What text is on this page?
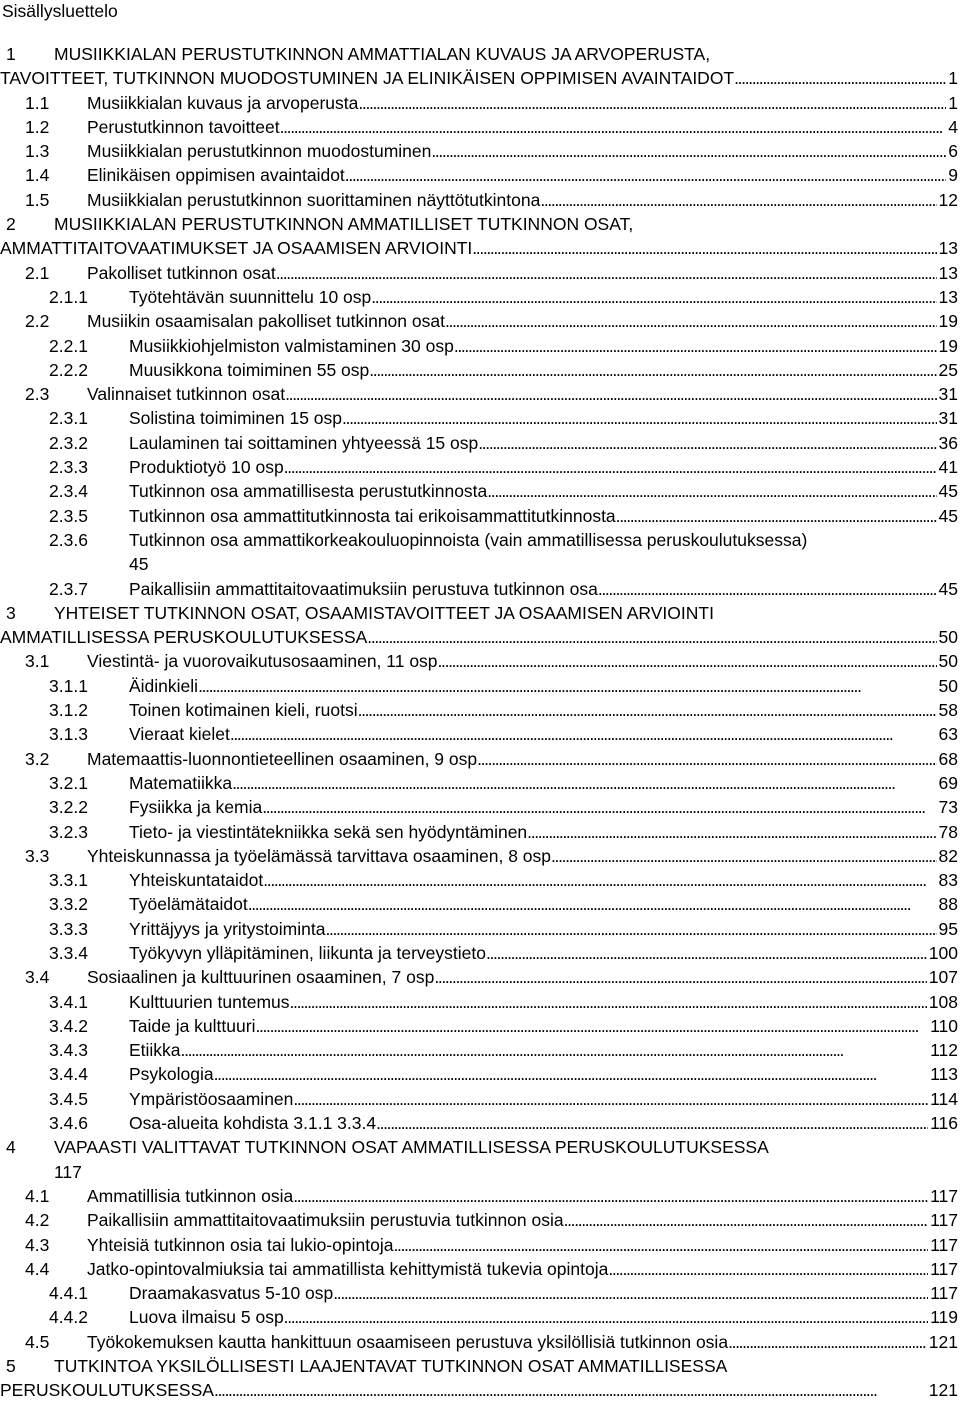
Sisällysluettelo
1	MUSIIKKIALAN PERUSTUTKINNON AMMATTIALAN KUVAUS JA ARVOPERUSTA,
TAVOITTEET, TUTKINNON MUODOSTUMINEN JA ELINIKÄISEN OPPIMISEN AVAINTAIDOT . . .	1
1.1	Musiikkialan kuvaus ja arvoperusta . . .	1
1.2	Perustutkinnon tavoitteet . . .	4
1.3	Musiikkialan perustutkinnon muodostuminen . . .	6
1.4	Elinikäisen oppimisen avaintaidot . . .	9
1.5	Musiikkialan perustutkinnon suorittaminen näyttötutkintona . . .	12
2	MUSIIKKIALAN PERUSTUTKINNON AMMATILLISET TUTKINNON OSAT,
AMMATTITAITOVAATIMUKSET JA OSAAMISEN ARVIOINTI . . .	13
2.1	Pakolliset tutkinnon osat . . .	13
2.1.1	Työtehtävän suunnittelu 10 osp . . .	13
2.2	Musiikin osaamisalan pakolliset tutkinnon osat . . .	19
2.2.1	Musiikkiohjelmiston valmistaminen 30 osp . . .	19
2.2.2	Muusikkona toimiminen 55 osp . . .	25
2.3	Valinnaiset tutkinnon osat . . .	31
2.3.1	Solistina toimiminen 15 osp . . .	31
2.3.2	Laulaminen tai soittaminen yhtyeessä 15 osp . . .	36
2.3.3	Produktiotyö 10 osp . . .	41
2.3.4	Tutkinnon osa ammatillisesta perustutkinnosta . . .	45
2.3.5	Tutkinnon osa ammattitutkinnosta tai erikoisammattitutkinnosta . . .	45
2.3.6	Tutkinnon osa ammattikorkeakouluopinnoista (vain ammatillisessa peruskoulutuksessa)
45
2.3.7	Paikallisiin ammattitaitovaatimuksiin perustuva tutkinnon osa . . .	45
3	YHTEISET TUTKINNON OSAT, OSAAMISTAVOITTEET JA OSAAMISEN ARVIOINTI
AMMATILLISESSA PERUSKOULUTUKSESSA . . .	50
3.1	Viestintä- ja vuorovaikutusosaaminen, 11 osp . . .	50
3.1.1	Äidinkieli . . .	50
3.1.2	Toinen kotimainen kieli, ruotsi . . .	58
3.1.3	Vieraat kielet . . .	63
3.2	Matemaattis-luonnontieteellinen osaaminen, 9 osp . . .	68
3.2.1	Matematiikka . . .	69
3.2.2	Fysiikka ja kemia . . .	73
3.2.3	Tieto- ja viestintätekniikka sekä sen hyödyntäminen . . .	78
3.3	Yhteiskunnassa ja työelämässä tarvittava osaaminen, 8 osp . . .	82
3.3.1	Yhteiskuntataidot . . .	83
3.3.2	Työelämätaidot . . .	88
3.3.3	Yrittäjyys ja yritystoiminta . . .	95
3.3.4	Työkyvyn ylläpitäminen, liikunta ja terveystieto . . .	100
3.4	Sosiaalinen ja kulttuurinen osaaminen, 7 osp . . .	107
3.4.1	Kulttuurien tuntemus . . .	108
3.4.2	Taide ja kulttuuri . . .	110
3.4.3	Etiikka . . .	112
3.4.4	Psykologia . . .	113
3.4.5	Ympäristöosaaminen . . .	114
3.4.6	Osa-alueita kohdista 3.1.1 3.3.4 . . .	116
4	VAPAASTI VALITTAVAT TUTKINNON OSAT AMMATILLISESSA PERUSKOULUTUKSESSA
117
4.1	Ammatillisia tutkinnon osia . . .	117
4.2	Paikallisiin ammattitaitovaatimuksiin perustuvia tutkinnon osia . . .	117
4.3	Yhteisiä tutkinnon osia tai lukio-opintoja . . .	117
4.4	Jatko-opintovalmiuksia tai ammatillista kehittymistä tukevia opintoja . . .	117
4.4.1	Draamakasvatus 5-10 osp . . .	117
4.4.2	Luova ilmaisu 5 osp . . .	119
4.5	Työkokemuksen kautta hankittuun osaamiseen perustuva yksilöllisiä tutkinnon osia . . .	121
5	TUTKINTOA YKSILÖLLISESTI LAAJENTAVAT TUTKINNON OSAT AMMATILLISESSA
PERUSKOULUTUKSESSA . . .	121
